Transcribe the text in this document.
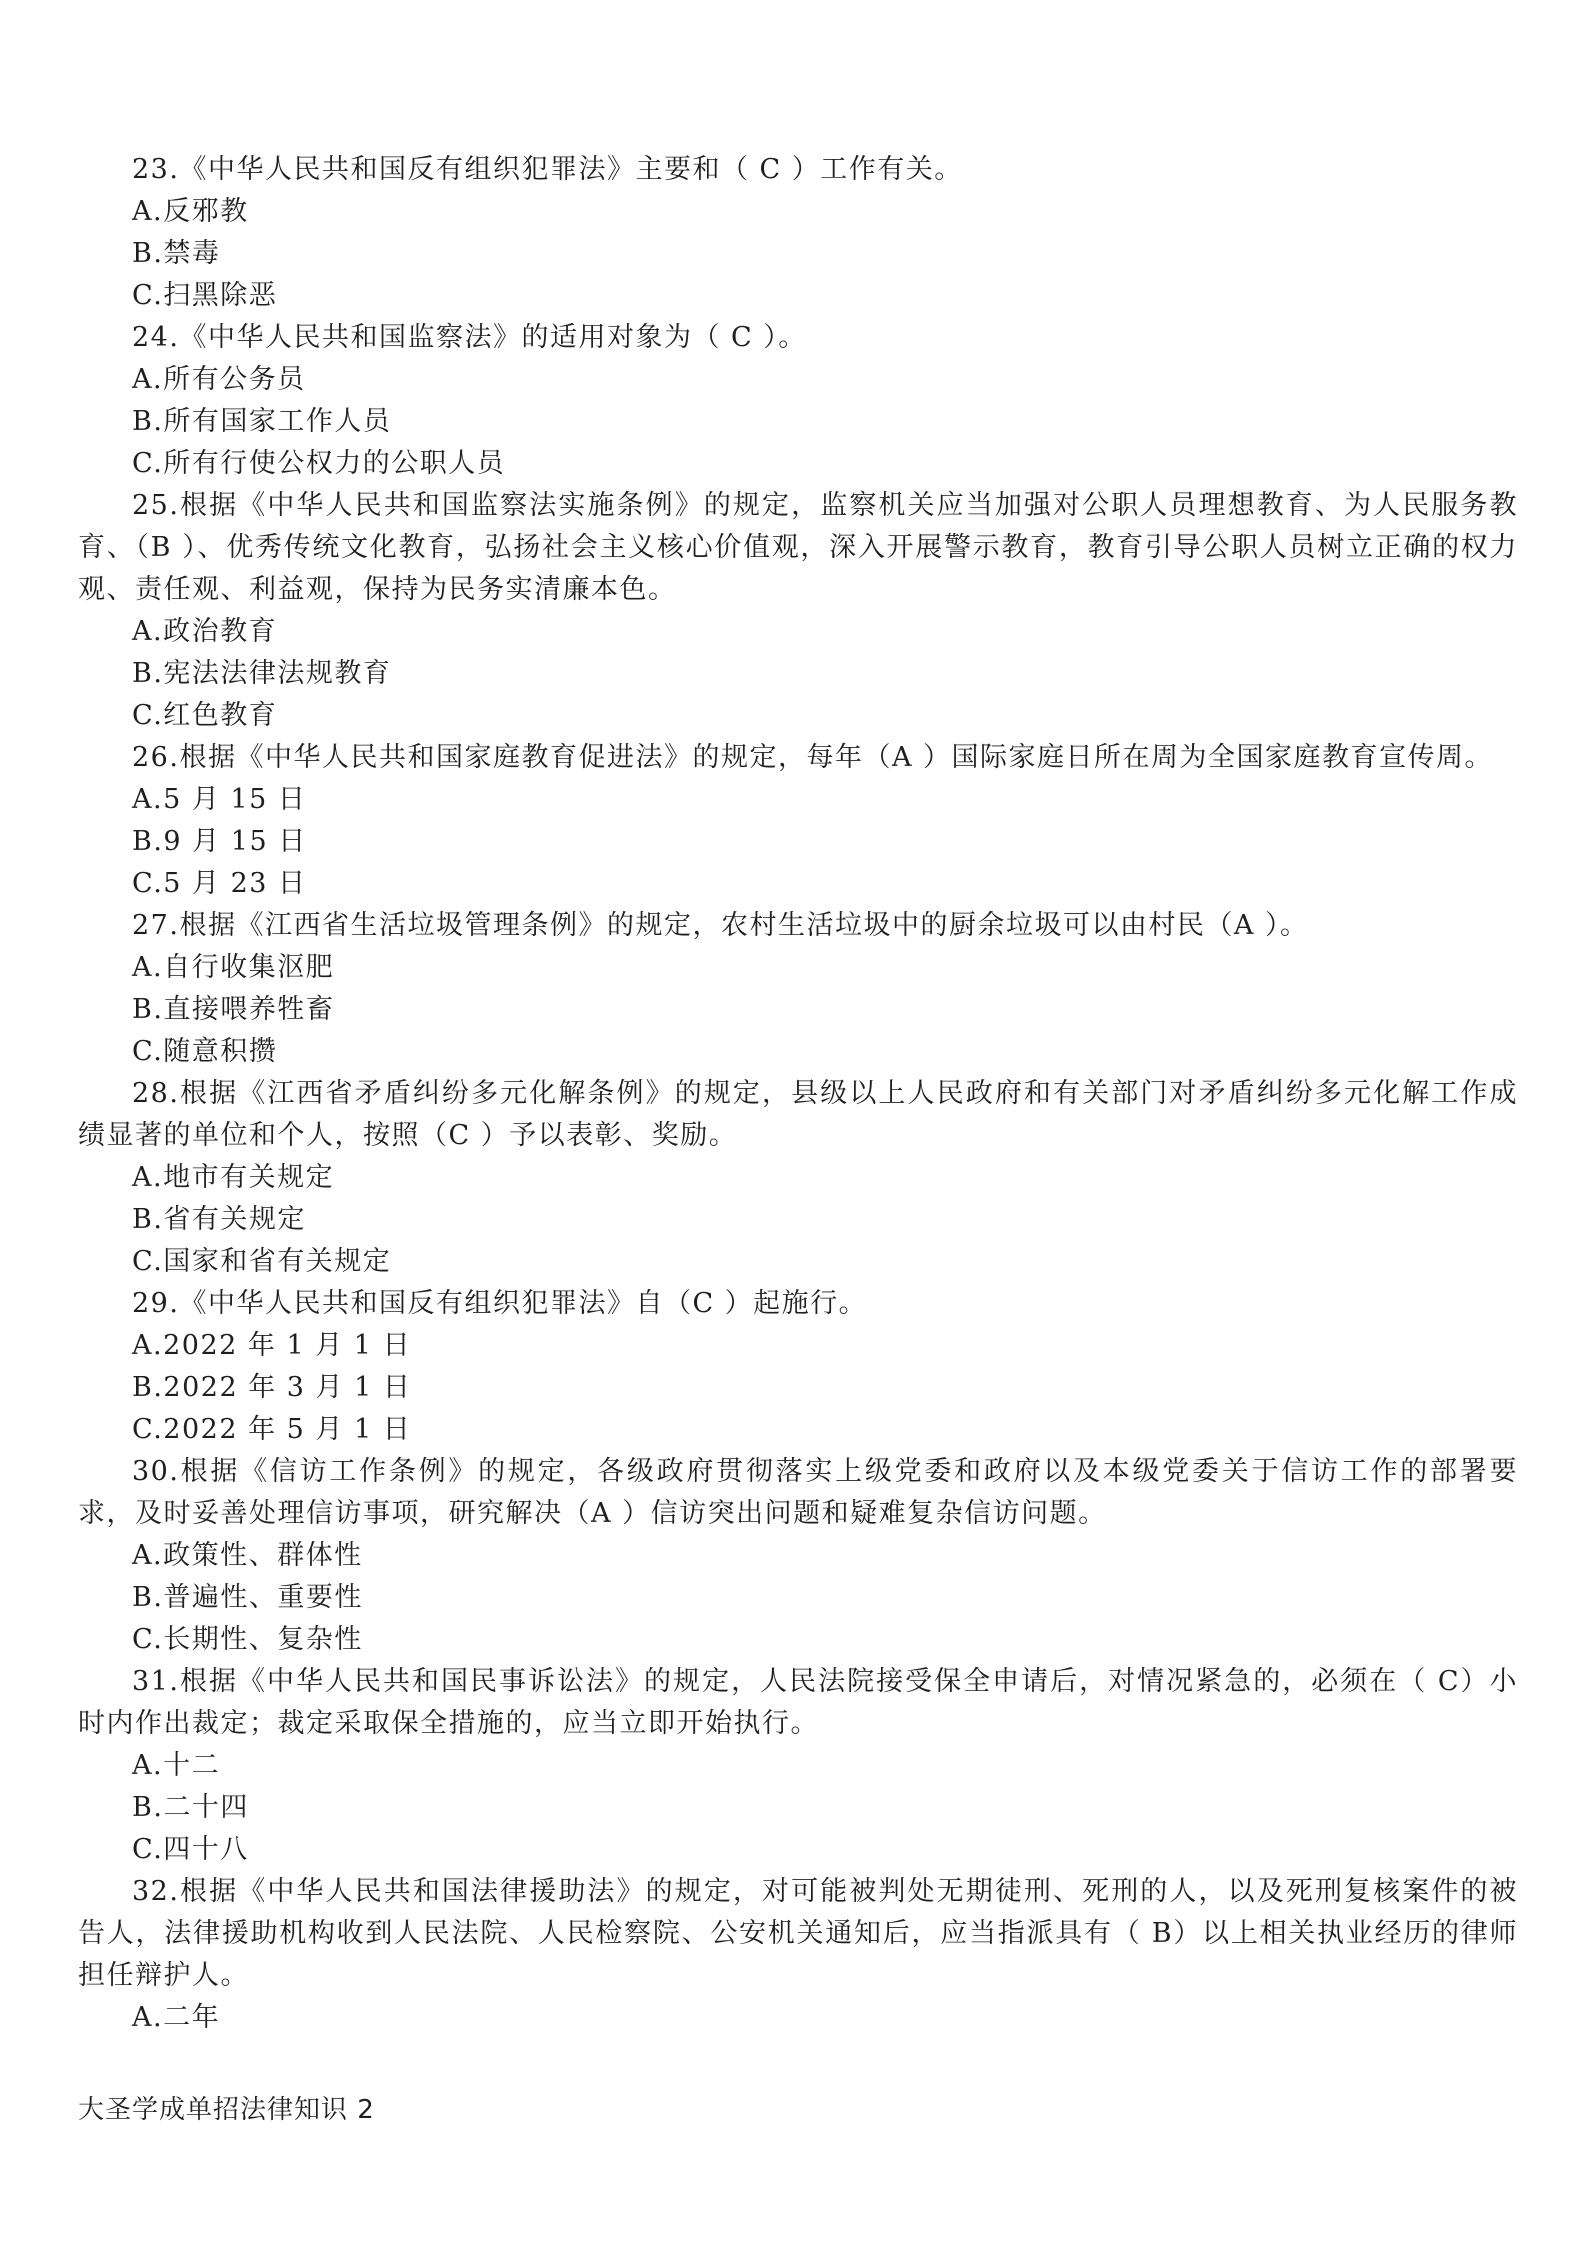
23.《中华人民共和国反有组织犯罪法》主要和（ C ）工作有关。

A.反邪教

B.禁毒

C.扫黑除恶

24.《中华人民共和国监察法》的适用对象为（ C ）。

A.所有公务员

B.所有国家工作人员

C.所有行使公权力的公职人员

25.根据《中华人民共和国监察法实施条例》的规定，监察机关应当加强对公职人员理想教育、为人民服务教育、（B ）、优秀传统文化教育，弘扬社会主义核心价值观，深入开展警示教育，教育引导公职人员树立正确的权力观、责任观、利益观，保持为民务实清廉本色。

A.政治教育

B.宪法法律法规教育

C.红色教育

26.根据《中华人民共和国家庭教育促进法》的规定，每年（A ）国际家庭日所在周为全国家庭教育宣传周。

A.5 月 15 日

B.9 月 15 日

C.5 月 23 日

27.根据《江西省生活垃圾管理条例》的规定，农村生活垃圾中的厨余垃圾可以由村民（A ）。

A.自行收集沤肥

B.直接喂养牲畜

C.随意积攒

28.根据《江西省矛盾纠纷多元化解条例》的规定，县级以上人民政府和有关部门对矛盾纠纷多元化解工作成绩显著的单位和个人，按照（C ）予以表彰、奖励。

A.地市有关规定

B.省有关规定

C.国家和省有关规定

29.《中华人民共和国反有组织犯罪法》自（C ）起施行。

A.2022 年 1 月 1 日

B.2022 年 3 月 1 日

C.2022 年 5 月 1 日

30.根据《信访工作条例》的规定，各级政府贯彻落实上级党委和政府以及本级党委关于信访工作的部署要求，及时妥善处理信访事项，研究解决（A ）信访突出问题和疑难复杂信访问题。

A.政策性、群体性

B.普遍性、重要性

C.长期性、复杂性

31.根据《中华人民共和国民事诉讼法》的规定，人民法院接受保全申请后，对情况紧急的，必须在（ C）小时内作出裁定；裁定采取保全措施的，应当立即开始执行。

A.十二

B.二十四

C.四十八

32.根据《中华人民共和国法律援助法》的规定，对可能被判处无期徒刑、死刑的人，以及死刑复核案件的被告人，法律援助机构收到人民法院、人民检察院、公安机关通知后，应当指派具有（ B）以上相关执业经历的律师担任辩护人。

A.二年

大圣学成单招法律知识 2
